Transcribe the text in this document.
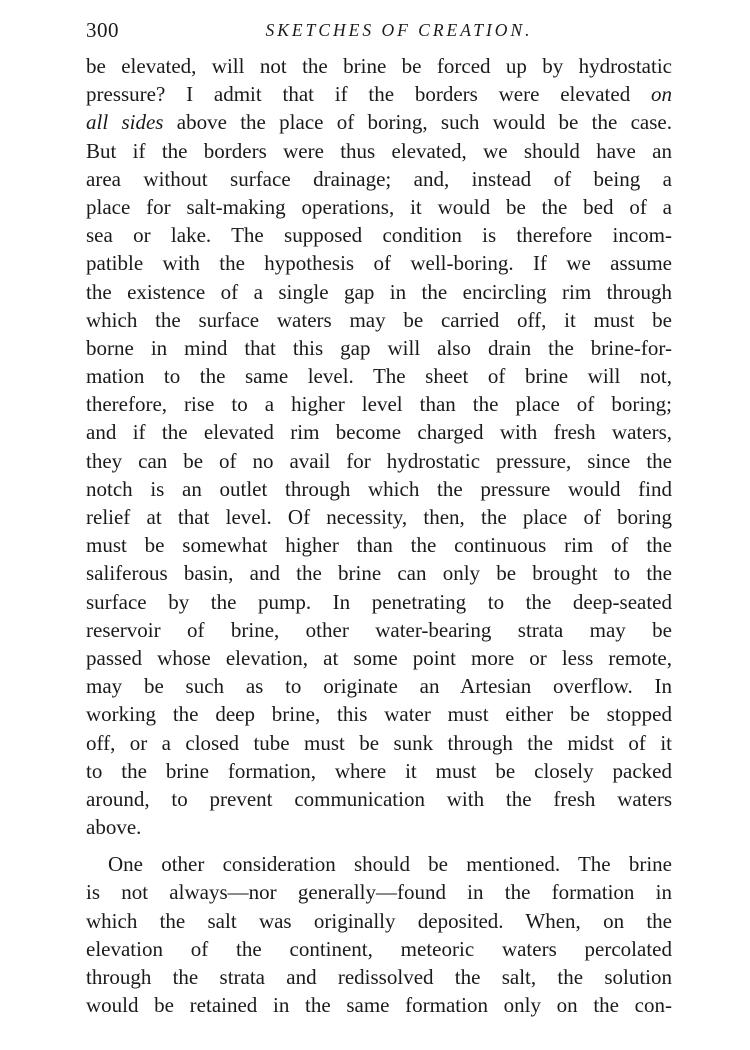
300	SKETCHES OF CREATION.
be elevated, will not the brine be forced up by hydrostatic
pressure? I admit that if the borders were elevated on
all sides above the place of boring, such would be the case.
But if the borders were thus elevated, we should have an
area without surface drainage; and, instead of being a
place for salt-making operations, it would be the bed of a
sea or lake. The supposed condition is therefore incom-
patible with the hypothesis of well-boring. If we assume
the existence of a single gap in the encircling rim through
which the surface waters may be carried off, it must be
borne in mind that this gap will also drain the brine-for-
mation to the same level. The sheet of brine will not,
therefore, rise to a higher level than the place of boring;
and if the elevated rim become charged with fresh waters,
they can be of no avail for hydrostatic pressure, since the
notch is an outlet through which the pressure would find
relief at that level. Of necessity, then, the place of boring
must be somewhat higher than the continuous rim of the
saliferous basin, and the brine can only be brought to the
surface by the pump. In penetrating to the deep-seated
reservoir of brine, other water-bearing strata may be
passed whose elevation, at some point more or less remote,
may be such as to originate an Artesian overflow. In
working the deep brine, this water must either be stopped
off, or a closed tube must be sunk through the midst of it
to the brine formation, where it must be closely packed
around, to prevent communication with the fresh waters
above.
One other consideration should be mentioned. The brine
is not always—nor generally—found in the formation in
which the salt was originally deposited. When, on the
elevation of the continent, meteoric waters percolated
through the strata and redissolved the salt, the solution
would be retained in the same formation only on the con-
